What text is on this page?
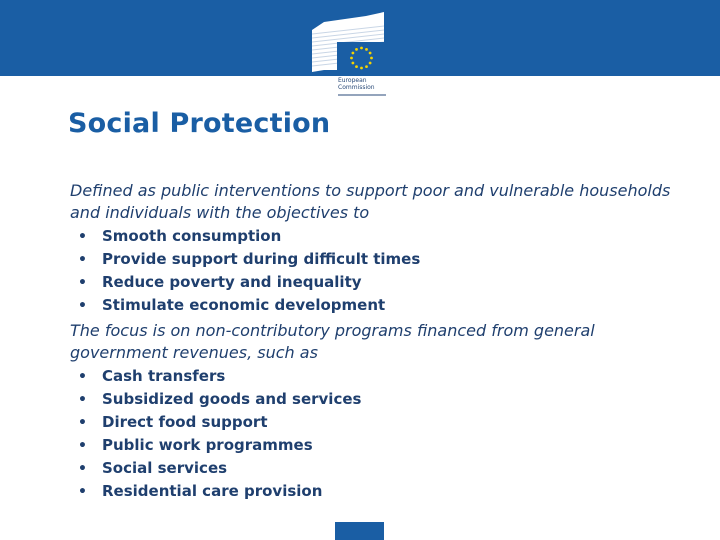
European
Commission
Social Protection

Defined as public interventions to support poor and vulnerable households and individuals with the objectives to

• Smooth consumption
• Provide support during difficult times
• Reduce poverty and inequality
• Stimulate economic development

The focus is on non-contributory programs financed from general government revenues, such as

• Cash transfers
• Subsidized goods and services
• Direct food support
• Public work programmes
• Social services
• Residential care provision
